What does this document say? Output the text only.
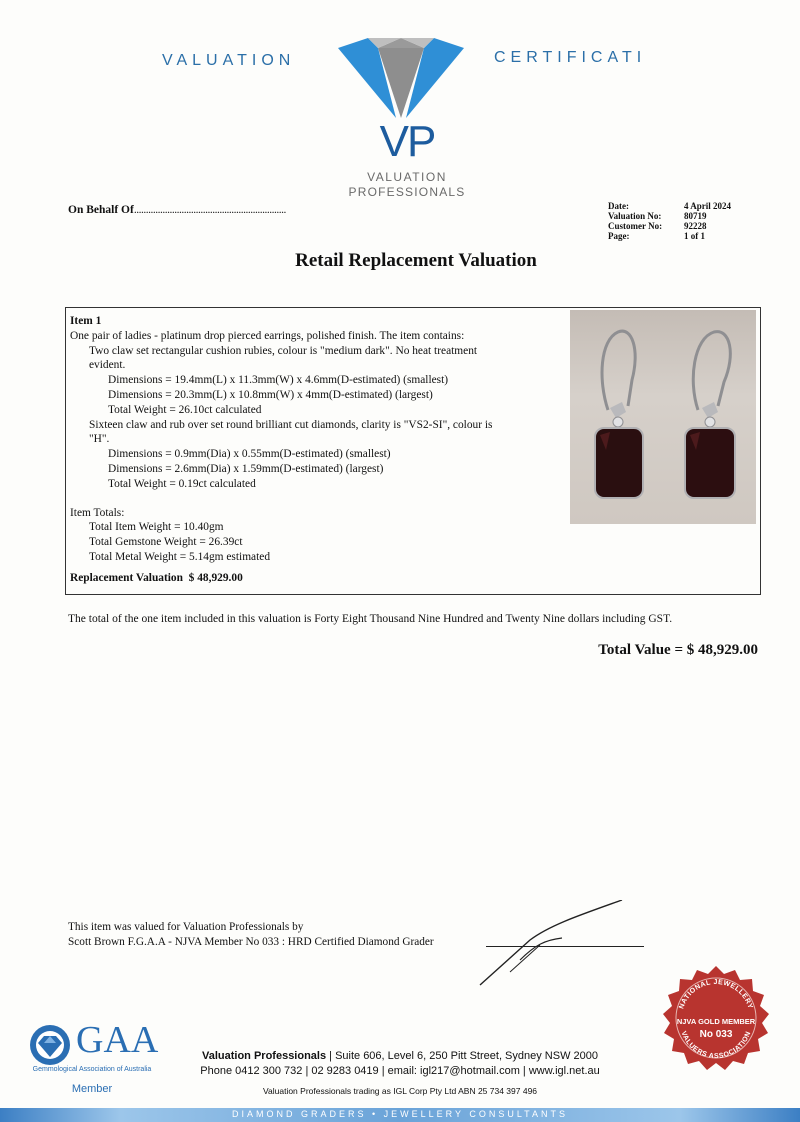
VALUATION	CERTIFICATI
VP
VALUATION
PROFESSIONALS
On Behalf Of................................................................	Date:	4 April 2024
Valuation No:	80719
Customer No:	92228
Page:	1 of 1
Retail Replacement Valuation
Item 1
One pair of ladies - platinum drop pierced earrings, polished finish. The item contains:
Two claw set rectangular cushion rubies, colour is "medium dark". No heat treatment
evident.
Dimensions = 19.4mm(L) x 11.3mm(W) x 4.6mm(D-estimated) (smallest)
Dimensions = 20.3mm(L) x 10.8mm(W) x 4mm(D-estimated) (largest)
Total Weight = 26.10ct calculated
Sixteen claw and rub over set round brilliant cut diamonds, clarity is "VS2-SI", colour is
"H".
Dimensions = 0.9mm(Dia) x 0.55mm(D-estimated) (smallest)
Dimensions = 2.6mm(Dia) x 1.59mm(D-estimated) (largest)
Total Weight = 0.19ct calculated
Item Totals:
Total Item Weight = 10.40gm
Total Gemstone Weight = 26.39ct
Total Metal Weight = 5.14gm estimated
Replacement Valuation $ 48,929.00
The total of the one item included in this valuation is Forty Eight Thousand Nine Hundred and Twenty Nine dollars including GST.
Total Value = $ 48,929.00
This item was valued for Valuation Professionals by
Scott Brown F.G.A.A - NJVA Member No 033 : HRD Certified Diamond Grader
GAA
Gemmological Association of Australia
Member
Valuation Professionals | Suite 606, Level 6, 250 Pitt Street, Sydney NSW 2000
Phone 0412 300 732 | 02 9283 0419 | email: igl217@hotmail.com | www.igl.net.au
Valuation Professionals trading as IGL Corp Pty Ltd ABN 25 734 397 496
NATIONAL JEWELLERY
VALUERS ASSOCIATION
NJVA GOLD MEMBER
No 033
DIAMOND GRADERS • JEWELLERY CONSULTANTS
